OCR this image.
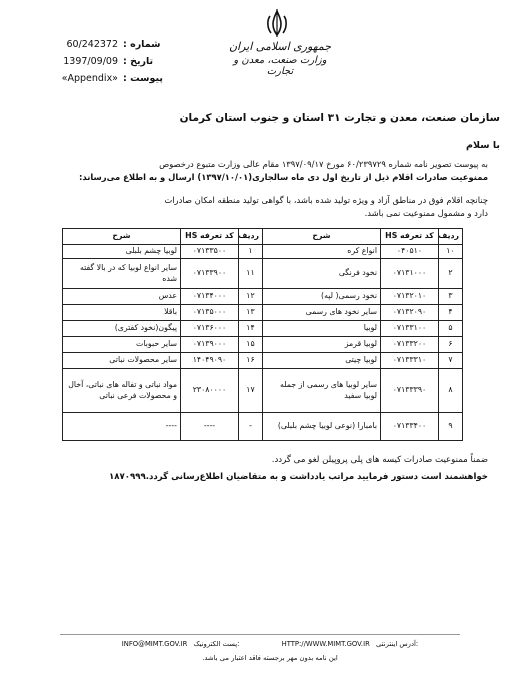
جمهوری اسلامی ایران
وزارت صنعت، معدن و تجارت
60/242372 شماره :
1397/09/09 تاریخ :
«Appendix» پیوست :
سازمان صنعت، معدن و تجارت ۳۱ استان و جنوب استان کرمان
با سلام
به پیوست تصویر نامه شماره ۶۰/۲۳۹۷۲۹ مورخ ۱۳۹۷/۰۹/۱۷ مقام عالی وزارت متبوع درخصوص
ممنوعیت صادرات اقلام ذیل از تاریخ اول دی ماه سالجاری(۱۳۹۷/۱۰/۰۱) ارسال و به اطلاع می‌رساند:
چنانچه اقلام فوق در مناطق آزاد و ویژه تولید شده باشد، با گواهی تولید منطقه امکان صادرات
دارد و مشمول ممنوعیت نمی باشد.
ردیف	کد تعرفه HS	شرح	ردیف	کد تعرفه HS	شرح
۱۰	۰۴۰۵۱۰	انواع کره	۱	۰۷۱۳۳۵۰۰	لوبیا چشم بلبلی
۲	۰۷۱۳۱۰۰۰	نخود فرنگی	۱۱	۰۷۱۳۳۹۰۰	سایر انواع لوبیا که در بالا گفته شده
۳	۰۷۱۳۲۰۱۰	نخود رسمی( لپه)	۱۲	۰۷۱۳۴۰۰۰	عدس
۴	۰۷۱۳۲۰۹۰	سایر نخود های رسمی	۱۳	۰۷۱۳۵۰۰۰	باقلا
۵	۰۷۱۳۳۱۰۰	لوبیا	۱۴	۰۷۱۳۶۰۰۰	پیگون(نخود کفتری)
۶	۰۷۱۳۳۲۰۰	لوبیا قرمز	۱۵	۰۷۱۳۹۰۰۰	سایر حبوبات
۷	۰۷۱۳۳۳۱۰	لوبیا چیتی	۱۶	۱۴۰۴۹۰۹۰	سایر محصولات نباتی
۸	۰۷۱۳۳۳۹۰	سایر لوبیا های رسمی از جمله لوبیا سفید	۱۷	۲۳۰۸۰۰۰۰	مواد نباتی و تفاله های نباتی، آخال و محصولات فرعی نباتی
۹	۰۷۱۳۳۴۰۰	بامبارا (نوعی لوبیا چشم بلبلی)	-	----	----
ضمناً ممنوعیت صادرات کیسه های پلی پروپیلن لغو می گردد.
خواهشمند است دستور فرمایید مراتب یادداشت و به متقاضیان اطلاع‌رسانی گردد.۱۸۷۰۹۹۹
INFO@MIMT.GOV.IR پست الکترونیک:	HTTP://WWW.MIMT.GOV.IR آدرس اینترنتی:
این نامه بدون مهر برجسته فاقد اعتبار می باشد.
